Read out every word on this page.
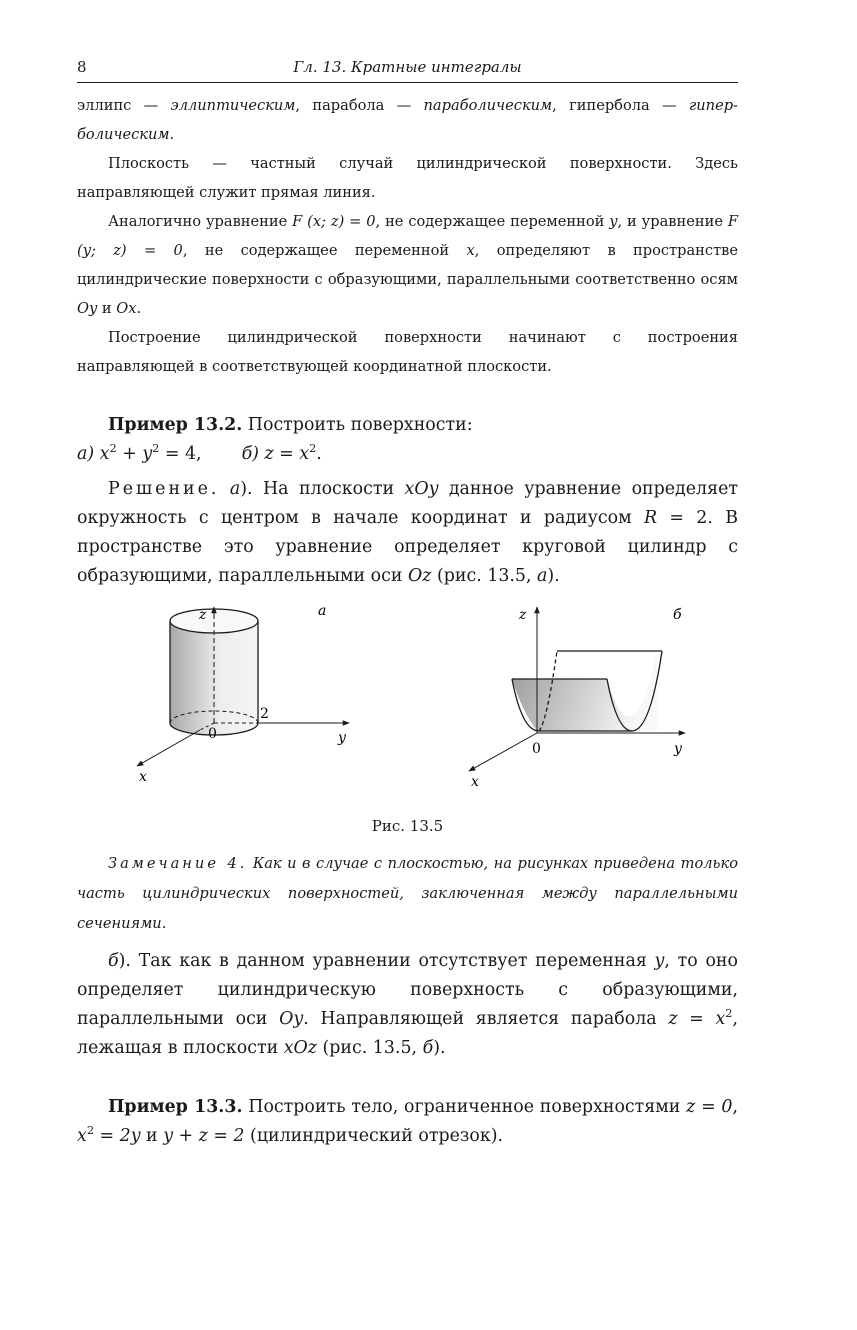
8	Гл. 13. Кратные интегралы

эллипс — эллиптическим, парабола — параболическим, гипербола — гипер-болическим.

Плоскость — частный случай цилиндрической поверхности. Здесь направляющей служит прямая линия.

Аналогично уравнение F (x; z) = 0, не содержащее переменной y, и уравнение F (y; z) = 0, не содержащее переменной x, определяют в пространстве цилиндрические поверхности с образующими, параллельными соответственно осям Oy и Ox.

Построение цилиндрической поверхности начинают с построения направляющей в соответствующей координатной плоскости.

Пример 13.2. Построить поверхности:
а) $x^2 + y^2 = 4$, б) $z = x^2$.

Решение. а). На плоскости xOy данное уравнение определяет окружность с центром в начале координат и радиусом R = 2. В пространстве это уравнение определяет круговой цилиндр с образующими, параллельными оси Oz (рис. 13.5, а).

z	а
2
0	y
x
z	б
0	y
x
Рис. 13.5

Замечание 4. Как и в случае с плоскостью, на рисунках приведена только часть цилиндрических поверхностей, заключенная между параллельными сечениями.

б). Так как в данном уравнении отсутствует переменная y, то оно определяет цилиндрическую поверхность с образующими, параллельными оси Oy. Направляющей является парабола $z = x^2$, лежащая в плоскости xOz (рис. 13.5, б).

Пример 13.3. Построить тело, ограниченное поверхностями z = 0, $x^2 = 2y$ и y + z = 2 (цилиндрический отрезок).
